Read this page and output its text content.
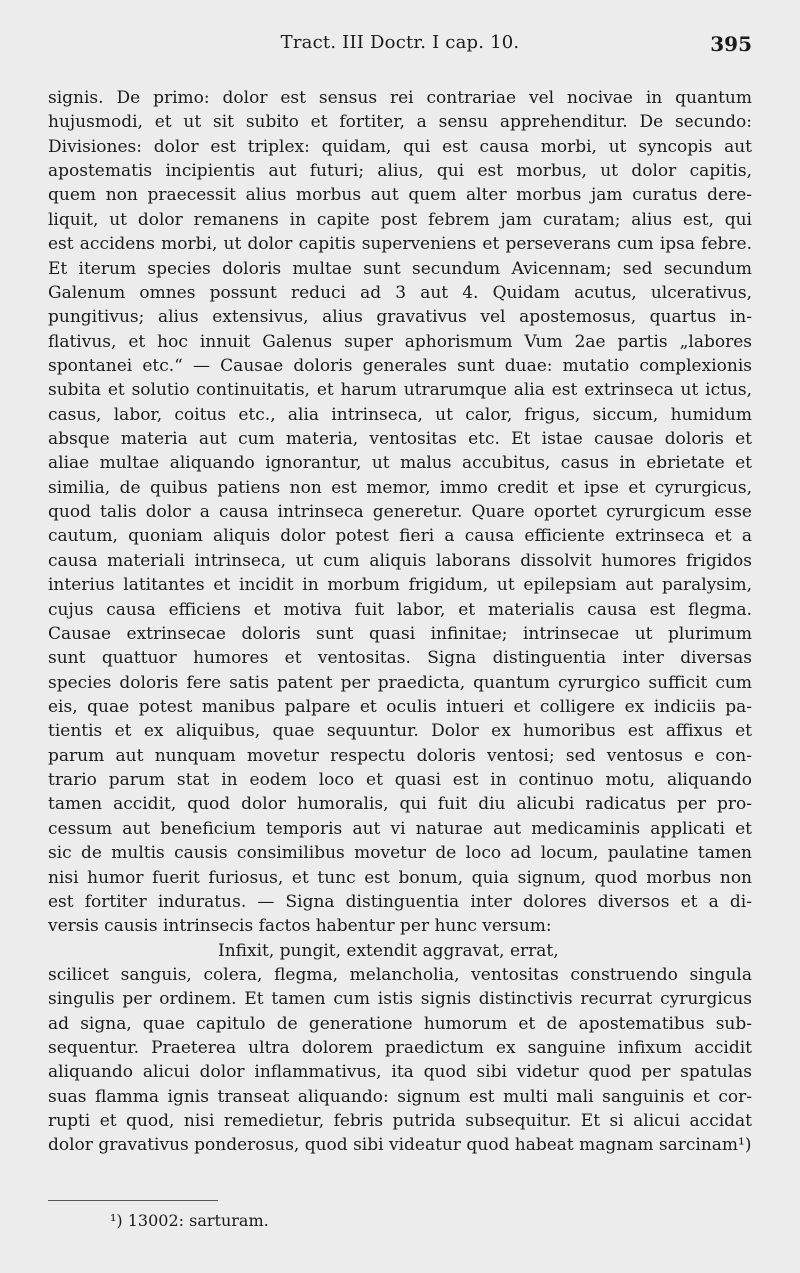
Tract. III Doctr. I cap. 10.	395
signis. De primo: dolor est sensus rei contrariae vel nocivae in quantum
hujusmodi, et ut sit subito et fortiter, a sensu apprehenditur. De secundo:
Divisiones: dolor est triplex: quidam, qui est causa morbi, ut syncopis aut
apostematis incipientis aut futuri; alius, qui est morbus, ut dolor capitis,
quem non praecessit alius morbus aut quem alter morbus jam curatus dere-
liquit, ut dolor remanens in capite post febrem jam curatam; alius est, qui
est accidens morbi, ut dolor capitis superveniens et perseverans cum ipsa febre.
Et iterum species doloris multae sunt secundum Avicennam; sed secundum
Galenum omnes possunt reduci ad 3 aut 4. Quidam acutus, ulcerativus,
pungitivus; alius extensivus, alius gravativus vel apostemosus, quartus in-
flativus, et hoc innuit Galenus super aphorismum Vum 2ae partis „labores
spontanei etc.“ — Causae doloris generales sunt duae: mutatio complexionis
subita et solutio continuitatis, et harum utrarumque alia est extrinseca ut ictus,
casus, labor, coitus etc., alia intrinseca, ut calor, frigus, siccum, humidum
absque materia aut cum materia, ventositas etc. Et istae causae doloris et
aliae multae aliquando ignorantur, ut malus accubitus, casus in ebrietate et
similia, de quibus patiens non est memor, immo credit et ipse et cyrurgicus,
quod talis dolor a causa intrinseca generetur. Quare oportet cyrurgicum esse
cautum, quoniam aliquis dolor potest fieri a causa efficiente extrinseca et a
causa materiali intrinseca, ut cum aliquis laborans dissolvit humores frigidos
interius latitantes et incidit in morbum frigidum, ut epilepsiam aut paralysim,
cujus causa efficiens et motiva fuit labor, et materialis causa est flegma.
Causae extrinsecae doloris sunt quasi infinitae; intrinsecae ut plurimum
sunt quattuor humores et ventositas. Signa distinguentia inter diversas
species doloris fere satis patent per praedicta, quantum cyrurgico sufficit cum
eis, quae potest manibus palpare et oculis intueri et colligere ex indiciis pa-
tientis et ex aliquibus, quae sequuntur. Dolor ex humoribus est affixus et
parum aut nunquam movetur respectu doloris ventosi; sed ventosus e con-
trario parum stat in eodem loco et quasi est in continuo motu, aliquando
tamen accidit, quod dolor humoralis, qui fuit diu alicubi radicatus per pro-
cessum aut beneficium temporis aut vi naturae aut medicaminis applicati et
sic de multis causis consimilibus movetur de loco ad locum, paulatine tamen
nisi humor fuerit furiosus, et tunc est bonum, quia signum, quod morbus non
est fortiter induratus. — Signa distinguentia inter dolores diversos et a di-
versis causis intrinsecis factos habentur per hunc versum:
Infixit, pungit, extendit aggravat, errat,
scilicet sanguis, colera, flegma, melancholia, ventositas construendo singula
singulis per ordinem. Et tamen cum istis signis distinctivis recurrat cyrurgicus
ad signa, quae capitulo de generatione humorum et de apostematibus sub-
sequentur. Praeterea ultra dolorem praedictum ex sanguine infixum accidit
aliquando alicui dolor inflammativus, ita quod sibi videtur quod per spatulas
suas flamma ignis transeat aliquando: signum est multi mali sanguinis et cor-
rupti et quod, nisi remedietur, febris putrida subsequitur. Et si alicui accidat
dolor gravativus ponderosus, quod sibi videatur quod habeat magnam sarcinam¹)
¹) 13002: sarturam.
